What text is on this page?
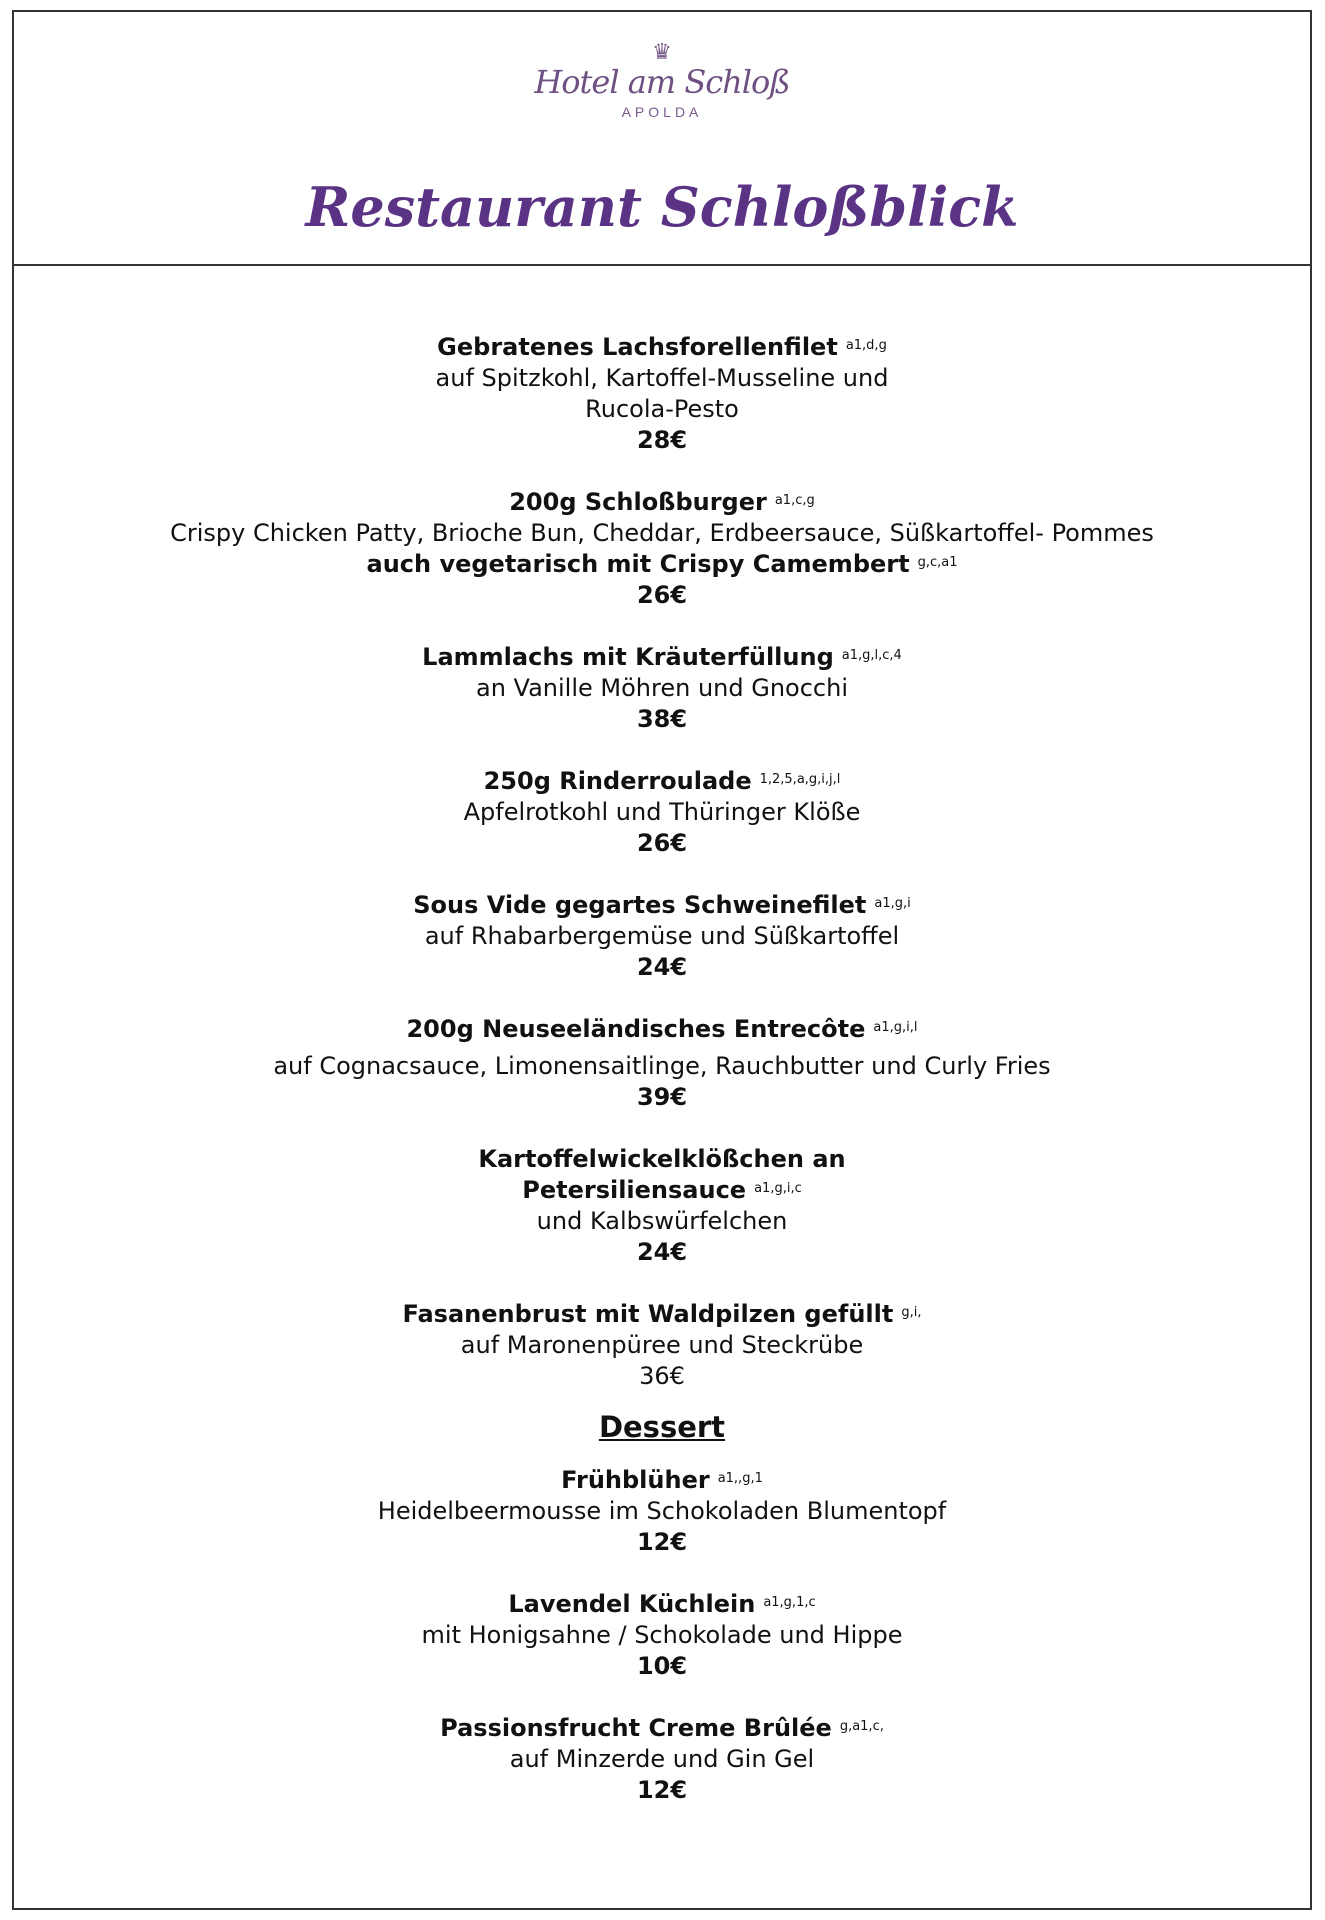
♛
Hotel am Schloß
APOLDA
Restaurant Schloßblick
Gebratenes Lachsforellenfilet $^{a1,d,g}$
auf Spitzkohl, Kartoffel-Musseline und
Rucola-Pesto
28€
200g Schloßburger $^{a1,c,g}$
Crispy Chicken Patty, Brioche Bun, Cheddar, Erdbeersauce, Süßkartoffel- Pommes
auch vegetarisch mit Crispy Camembert $^{g,c,a1}$
26€
Lammlachs mit Kräuterfüllung $^{a1,g,l,c,4}$
an Vanille Möhren und Gnocchi
38€
250g Rinderroulade $^{1,2,5,a,g,i,j,l}$
Apfelrotkohl und Thüringer Klöße
26€
Sous Vide gegartes Schweinefilet $^{a1,g,i}$
auf Rhabarbergemüse und Süßkartoffel
24€
200g Neuseeländisches Entrecôte $^{a1,g,i,l}$
auf Cognacsauce, Limonensaitlinge, Rauchbutter und Curly Fries
39€
Kartoffelwickelklößchen an
Petersiliensauce $^{a1,g,i,c}$
und Kalbswürfelchen
24€
Fasanenbrust mit Waldpilzen gefüllt $^{g,i,}$
auf Maronenpüree und Steckrübe
36€
Dessert
Frühblüher $^{a1,,g,1}$
Heidelbeermousse im Schokoladen Blumentopf
12€
Lavendel Küchlein $^{a1,g,1,c}$
mit Honigsahne / Schokolade und Hippe
10€
Passionsfrucht Creme Brûlée $^{g,a1,c,}$
auf Minzerde und Gin Gel
12€
